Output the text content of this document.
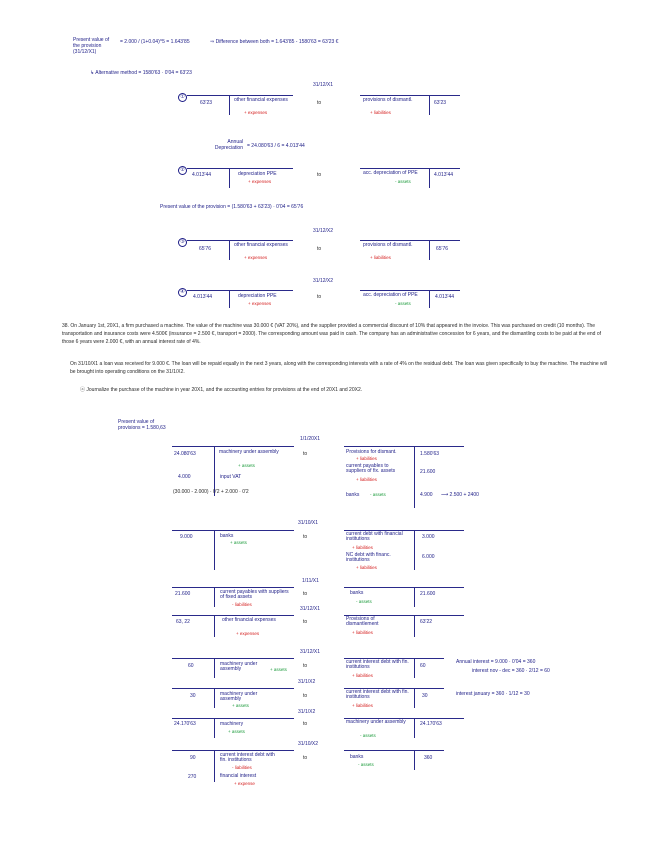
Present value of the provision (31/12/X1)
= 2.000 / (1+0.04)^5 = 1.643'85	⇒ Difference between both = 1.643'85 - 1580'63 = 63'23 €
↳ Alternative method = 1580'63 · 0'04 = 63'23
31/12/X1
①
63'23	other financial expenses
+ expenses
to	provisions of dismantl.
+ liabilities
63'23
Annual Depreciation = 24.080'63 / 6 = 4.013'44
②
4.013'44	depreciation PPE
+ expenses
to	acc. depreciation of PPE
- assets
4.013'44
Present value of the provision = (1.580'63 + 63'23) · 0'04 = 65'76
31/12/X2
③
65'76
other financial expenses
+ expenses
to
provisions of dismantl.
+ liabilities
65'76
31/12/X2
④
4.013'44	depreciation PPE
+ expenses
to	acc. depreciation of PPE
- assets
4.013'44
38. On January 1st, 20X1, a firm purchased a machine. The value of the machine was 30.000 € (VAT 20%), and the supplier provided a commercial discount of 10% that appeared in the invoice. This was purchased on credit (10 months). The transportation and insurance costs were 4.500€ (insurance = 2.500 €, transport = 2000). The corresponding amount was paid in cash. The company has an administrative concession for 6 years, and the dismantling costs to be paid at the end of those 6 years were 2.000 €, with an annual interest rate of 4%.
On 31/10/X1 a loan was received for 9.000 €. The loan will be repaid equally in the next 3 years, along with the corresponding interests with a rate of 4% on the residual debt. The loan was given specifically to buy the machine. The machine will be brought into operating conditions on the 31/1/X2.
ⓐ Journalize the purchase of the machine in year 20X1, and the accounting entries for provisions at the end of 20X1 and 20X2.
Present value of provisions = 1.580,63
1/1/20X1
24.080'63	machinery under assembly
+ assets
4.000	input VAT
(30.000 - 2.000) · 0'2 + 2.000 · 0'2
to	Provisions for dismant.
+ liabilities
1.580'63
current payables to suppliers of fix. assets
+ liabilities
21.600
banks - assets	4.900 ⟶ 2.500 + 2400
31/10/X1
9.000	banks
+ assets
to	current debt with financial institutions
+ liabilities
3.000
NC debt with financ. institutions
+ liabilities
6.000
1/11/X1
21.600	current payables with suppliers of fixed assets
- liabilities
to	banks
- assets
21.600
31/12/X1
63, 22	other financial expenses
+ expenses
to	Provisions of dismantlement
+ liabilities
63'22
31/12/X1
60	machinery under assembly	+ assets
to
current interest debt with fin. institutions
+ liabilities
60
Annual interest = 9.000 · 0'04 = 360
interest nov - dec = 360 · 2/12 = 60
31/1/X2
30	machinery under assembly
+ assets
to
current interest debt with fin. institutions
+ liabilities
30	interest january = 360 · 1/12 = 30
31/1/X2
24.170'63	machinery
+ assets
to	machinery under assembly
- assets
24.170'63
31/10/X2
90	current interest debt with fin. institutions
- liabilities
270	financial interest
+ expense
to	banks
- assets
360
